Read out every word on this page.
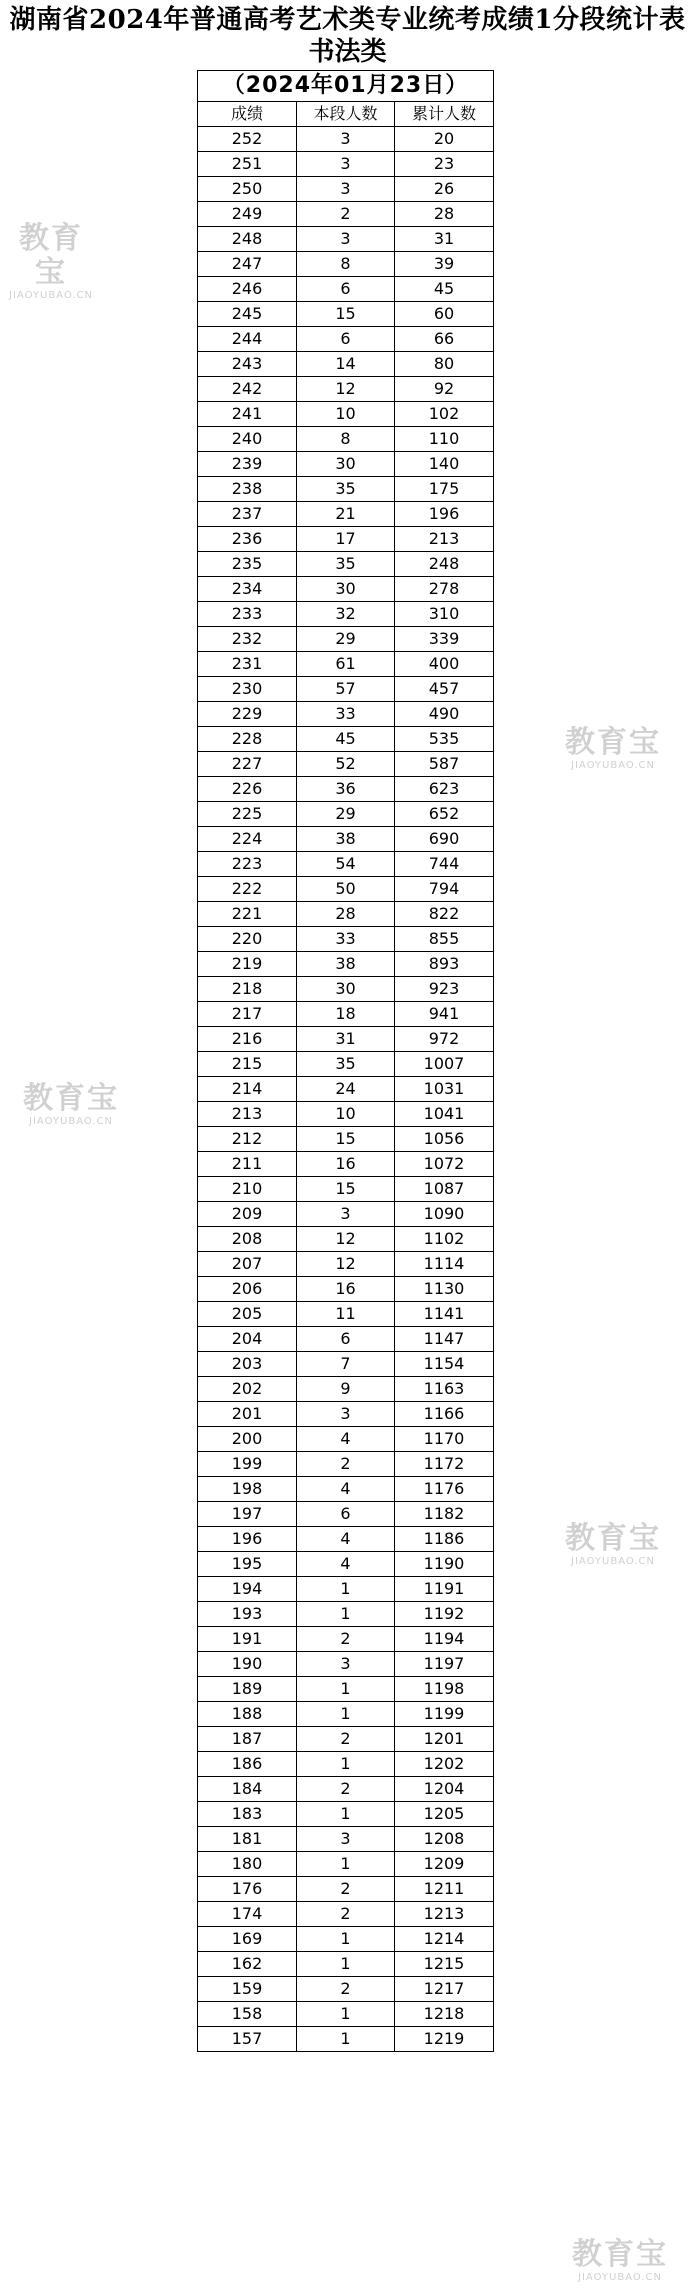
湖南省2024年普通高考艺术类专业统考成绩1分段统计表
书法类
（2024年01月23日）		
成绩	本段人数	累计人数
252	3	20
251	3	23
250	3	26
249	2	28
248	3	31
247	8	39
246	6	45
245	15	60
244	6	66
243	14	80
242	12	92
241	10	102
240	8	110
239	30	140
238	35	175
237	21	196
236	17	213
235	35	248
234	30	278
233	32	310
232	29	339
231	61	400
230	57	457
229	33	490
228	45	535
227	52	587
226	36	623
225	29	652
224	38	690
223	54	744
222	50	794
221	28	822
220	33	855
219	38	893
218	30	923
217	18	941
216	31	972
215	35	1007
214	24	1031
213	10	1041
212	15	1056
211	16	1072
210	15	1087
209	3	1090
208	12	1102
207	12	1114
206	16	1130
205	11	1141
204	6	1147
203	7	1154
202	9	1163
201	3	1166
200	4	1170
199	2	1172
198	4	1176
197	6	1182
196	4	1186
195	4	1190
194	1	1191
193	1	1192
191	2	1194
190	3	1197
189	1	1198
188	1	1199
187	2	1201
186	1	1202
184	2	1204
183	1	1205
181	3	1208
180	1	1209
176	2	1211
174	2	1213
169	1	1214
162	1	1215
159	2	1217
158	1	1218
157	1	1219
教育宝
JIAOYUBAO.CN
教育宝
JIAOYUBAO.CN
教育宝
JIAOYUBAO.CN
教育宝
JIAOYUBAO.CN
教育宝
JIAOYUBAO.CN
